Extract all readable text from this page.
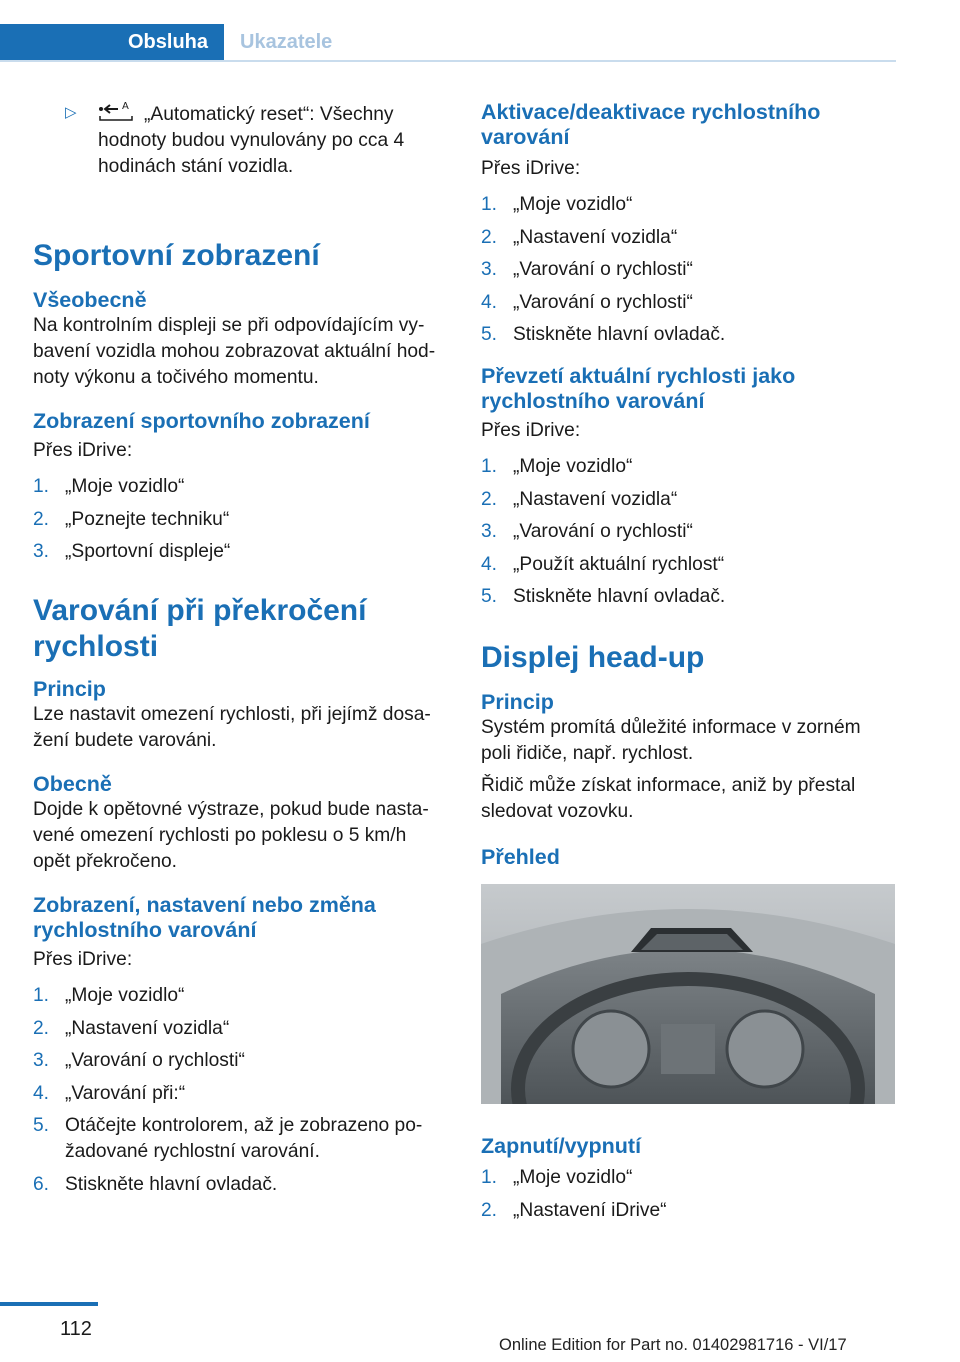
Obsluha	Ukazatele
▷	A „Automatický reset“: Všechny hodnoty budou vynulovány po cca 4 hodinách stání vozidla.
Sportovní zobrazení
Všeobecně

Na kontrolním displeji se při odpovídajícím vybavení vozidla mohou zobrazovat aktuální hodnoty výkonu a točivého momentu.

Zobrazení sportovního zobrazení

Přes iDrive:

1. „Moje vozidlo“
2. „Poznejte techniku“
3. „Sportovní displeje“
Varování při překročení rychlosti
Princip

Lze nastavit omezení rychlosti, při jejímž dosažení budete varováni.

Obecně

Dojde k opětovné výstraze, pokud bude nastavené omezení rychlosti po poklesu o 5 km/h opět překročeno.

Zobrazení, nastavení nebo změna rychlostního varování

Přes iDrive:

1. „Moje vozidlo“
2. „Nastavení vozidla“
3. „Varování o rychlosti“
4. „Varování při:“
5. Otáčejte kontrolorem, až je zobrazeno požadované rychlostní varování.
6. Stiskněte hlavní ovladač.
Aktivace/deaktivace rychlostního varování

Přes iDrive:

1. „Moje vozidlo“
2. „Nastavení vozidla“
3. „Varování o rychlosti“
4. „Varování o rychlosti“
5. Stiskněte hlavní ovladač.
Převzetí aktuální rychlosti jako rychlostního varování

Přes iDrive:

1. „Moje vozidlo“
2. „Nastavení vozidla“
3. „Varování o rychlosti“
4. „Použít aktuální rychlost“
5. Stiskněte hlavní ovladač.
Displej head-up
Princip

Systém promítá důležité informace v zorném poli řidiče, např. rychlost.

Řidič může získat informace, aniž by přestal sledovat vozovku.

Přehled
Zapnutí/vypnutí
1. „Moje vozidlo“
2. „Nastavení iDrive“
112
Online Edition for Part no. 01402981716 - VI/17
